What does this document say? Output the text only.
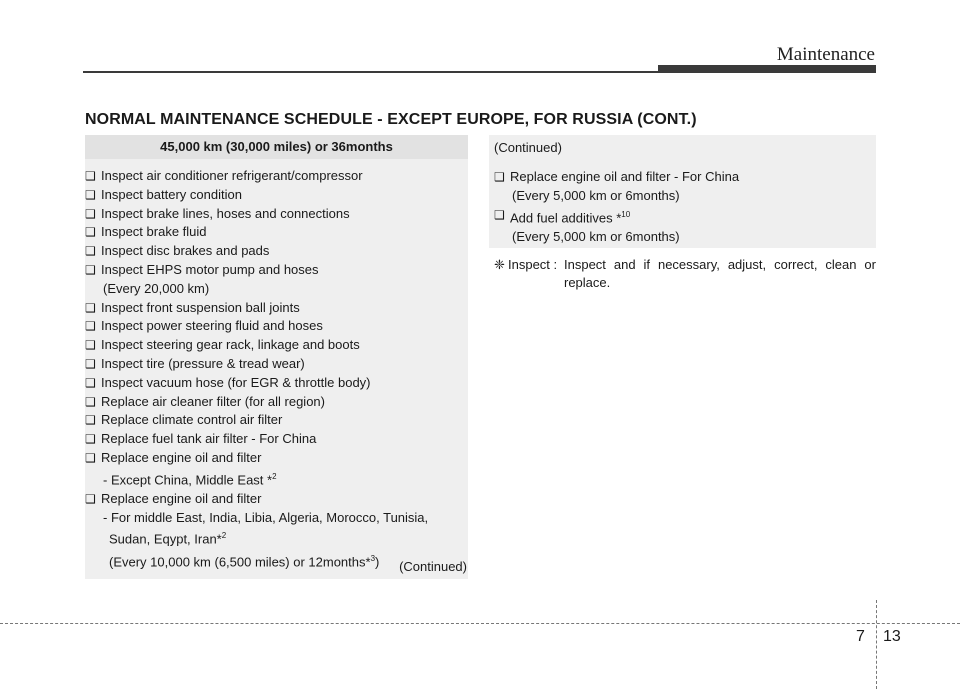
Maintenance
NORMAL MAINTENANCE SCHEDULE - EXCEPT EUROPE, FOR RUSSIA (CONT.)
45,000 km (30,000 miles) or 36months
❑ Inspect air conditioner refrigerant/compressor
❑ Inspect battery condition
❑ Inspect brake lines, hoses and connections
❑ Inspect brake fluid
❑ Inspect disc brakes and pads
❑ Inspect EHPS motor pump and hoses
(Every 20,000 km)
❑ Inspect front suspension ball joints
❑ Inspect power steering fluid and hoses
❑ Inspect steering gear rack, linkage and boots
❑ Inspect tire (pressure & tread wear)
❑ Inspect vacuum hose (for EGR & throttle body)
❑ Replace air cleaner filter (for all region)
❑ Replace climate control air filter
❑ Replace fuel tank air filter - For China
❑ Replace engine oil and filter
- Except China, Middle East *$^2$
❑ Replace engine oil and filter
- For middle East, India, Libia, Algeria, Morocco, Tunisia,
Sudan, Eqypt, Iran*$^2$
(Every 10,000 km (6,500 miles) or 12months*$^3$)	(Continued)
(Continued)
❑ Replace engine oil and filter - For China
(Every 5,000 km or 6months)
❑ Add fuel additives *$^{10}$
(Every 5,000 km or 6months)
❈ Inspect : Inspect and if necessary, adjust, correct, clean or replace.
7 13
